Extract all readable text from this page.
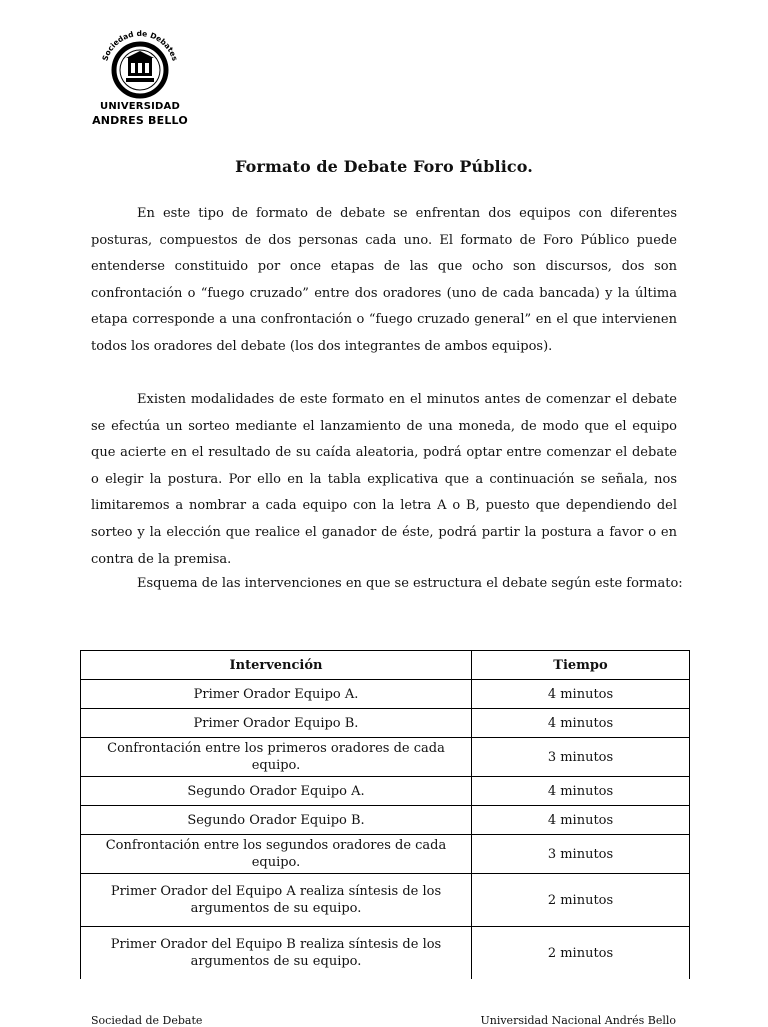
Sociedad de Debates
UNIVERSIDAD
ANDRES BELLO
Formato de Debate Foro Público.

En este tipo de formato de debate se enfrentan dos equipos con diferentes posturas, compuestos de dos personas cada uno. El formato de Foro Público puede entenderse constituido por once etapas de las que ocho son discursos, dos son confrontación o “fuego cruzado” entre dos oradores (uno de cada bancada) y la última etapa corresponde a una confrontación o “fuego cruzado general” en el que intervienen todos los oradores del debate (los dos integrantes de ambos equipos).

Existen modalidades de este formato en el minutos antes de comenzar el debate se efectúa un sorteo mediante el lanzamiento de una moneda, de modo que el equipo que acierte en el resultado de su caída aleatoria, podrá optar entre comenzar el debate o elegir la postura. Por ello en la tabla explicativa que a continuación se señala, nos limitaremos a nombrar a cada equipo con la letra A o B, puesto que dependiendo del sorteo y la elección que realice el ganador de éste, podrá partir la postura a favor o en contra de la premisa.

Esquema de las intervenciones en que se estructura el debate según este formato:
Intervención	Tiempo
Primer Orador Equipo A.	4 minutos
Primer Orador Equipo B.	4 minutos
Confrontación entre los primeros oradores de cada equipo.	3 minutos
Segundo Orador Equipo A.	4 minutos
Segundo Orador Equipo B.	4 minutos
Confrontación entre los segundos oradores de cada equipo.	3 minutos
Primer Orador del Equipo A realiza síntesis de los argumentos de su equipo.	2 minutos
Primer Orador del Equipo B realiza síntesis de los argumentos de su equipo.	2 minutos
Sociedad de Debate	Universidad Nacional Andrés Bello
